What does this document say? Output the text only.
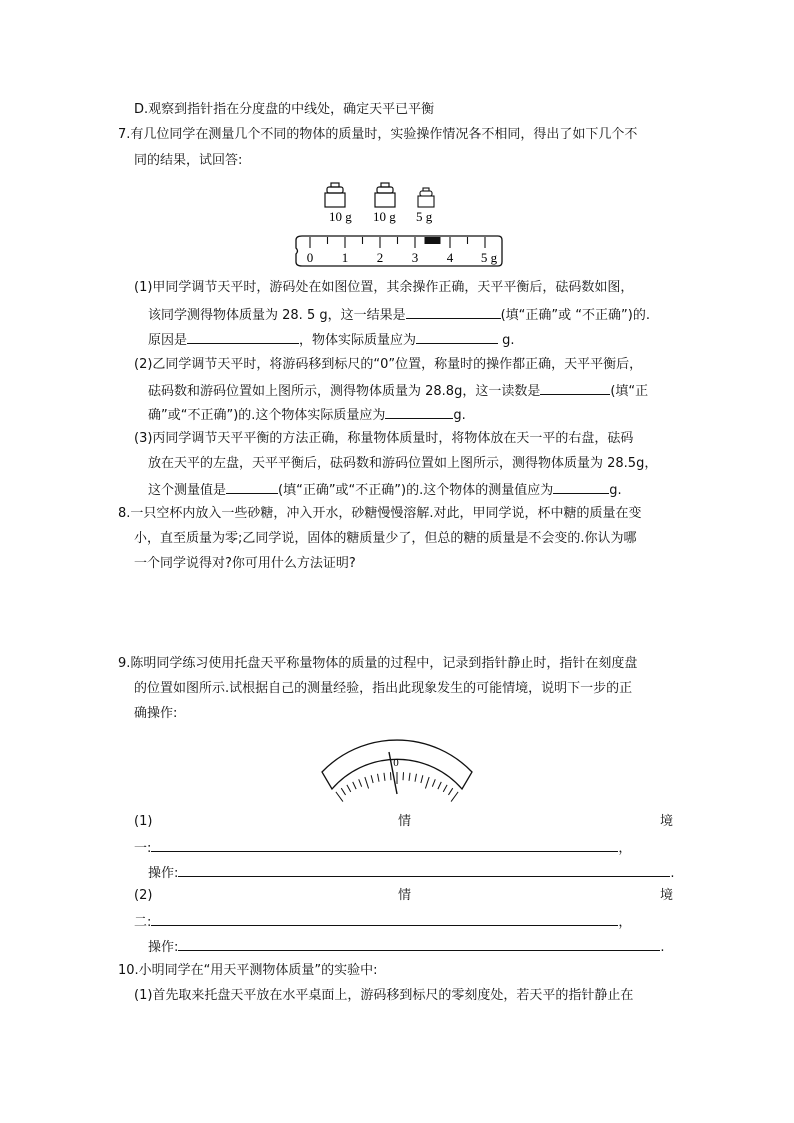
D.观察到指针指在分度盘的中线处，确定天平已平衡
7.有几位同学在测量几个不同的物体的质量时，实验操作情况各不相同，得出了如下几个不
同的结果，试回答:
10 g 10 g 5 g
0 1 2 3 4 5 g
(1)甲同学调节天平时，游码处在如图位置，其余操作正确，天平平衡后，砝码数如图，
该同学测得物体质量为 28. 5 g，这一结果是	(填“正确”或 “不正确”)的.
原因是	，物体实际质量应为	g.
(2)乙同学调节天平时，将游码移到标尺的“0”位置，称量时的操作都正确，天平平衡后，
砝码数和游码位置如上图所示，测得物体质量为 28.8g，这一读数是	(填“正
确”或“不正确”)的.这个物体实际质量应为	g.
(3)丙同学调节天平平衡的方法正确，称量物体质量时，将物体放在天一平的右盘，砝码
放在天平的左盘，天平平衡后，砝码数和游码位置如上图所示，测得物体质量为 28.5g，
这个测量值是	(填“正确”或“不正确”)的.这个物体的测量值应为	g.
8.一只空杯内放入一些砂糖，冲入开水，砂糖慢慢溶解.对此，甲同学说，杯中糖的质量在变
小，直至质量为零;乙同学说，固体的糖质量少了，但总的糖的质量是不会变的.你认为哪
一个同学说得对?你可用什么方法证明?
9.陈明同学练习使用托盘天平称量物体的质量的过程中，记录到指针静止时，指针在刻度盘
的位置如图所示.试根据自己的测量经验，指出此现象发生的可能情境，说明下一步的正
确操作:
0
(1)	情	境
一:	，
操作:	.
(2)	情	境
二:	，
操作:	.
10.小明同学在“用天平测物体质量”的实验中:
(1)首先取来托盘天平放在水平桌面上，游码移到标尺的零刻度处，若天平的指针静止在
